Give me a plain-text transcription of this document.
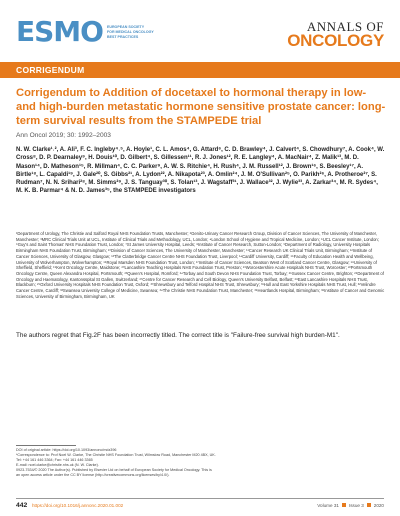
ESMO EUROPEAN SOCIETY
FOR MEDICAL ONCOLOGY
BEST PRACTICES
ANNALS OF
ONCOLOGY
CORRIGENDUM
Corrigendum to Addition of docetaxel to hormonal therapy in low- and high-burden metastatic hormone sensitive prostate cancer: long-term survival results from the STAMPEDE trial
Ann Oncol 2019; 30: 1992–2003
N. W. Clarke¹˒², A. Ali³, F. C. Ingleby⁴˒⁵, A. Hoyle¹, C. L. Amos⁴, G. Attard⁶, C. D. Brawley⁴, J. Calvert⁴, S. Chowdhury⁷, A. Cook⁴, W. Cross⁸, D. P. Dearnaley⁹, H. Douis¹⁰, D. Gilbert⁴, S. Gillessen¹¹, R. J. Jones¹², R. E. Langley⁴, A. MacNair⁴, Z. Malik¹³, M. D. Mason¹⁴, D. Matheson¹⁵, R. Millman⁴, C. C. Parker⁹, A. W. S. Ritchie⁴, H. Rush⁴, J. M. Russell¹², J. Brown¹⁶, S. Beesley¹⁷, A. Birtle¹⁸, L. Capaldi¹⁹, J. Gale²⁰, S. Gibbs²¹, A. Lydon²², A. Nikapota²³, A. Omlin²⁴, J. M. O'Sullivan²⁵, O. Parikh²⁶, A. Protheroe²⁷, S. Rudman⁷, N. N. Srihari²⁸, M. Simms²⁹, J. S. Tanguay³⁰, S. Tolan¹³, J. Wagstaff³¹, J. Wallace³², J. Wylie³³, A. Zarkar³⁴, M. R. Sydes⁴, M. K. B. Parmar⁴ & N. D. James³⁵, the STAMPEDE investigators
¹Department of Urology, The Christie and Salford Royal NHS Foundation Trusts, Manchester; ²Genito-Urinary Cancer Research Group, Division of Cancer Sciences, The University of Manchester, Manchester; ³MRC Clinical Trials Unit at UCL, Institute of Clinical Trials and Methodology, UCL, London; ⁴London School of Hygiene and Tropical Medicine, London; ⁵UCL Cancer Institute, London; ⁶Guy's and Saint Thomas' NHS Foundation Trust, London; ⁷St James University Hospital, Leeds; ⁸Institute of Cancer Research, Sutton-London; ⁹Department of Radiology, University Hospitals Birmingham NHS Foundation Trust, Birmingham; ¹⁰Division of Cancer Sciences, The University of Manchester, Manchester; ¹¹Cancer Research UK Clinical Trials Unit, Birmingham; ¹²Institute of Cancer Sciences, University of Glasgow, Glasgow; ¹³The Clatterbridge Cancer Centre NHS Foundation Trust, Liverpool; ¹⁴Cardiff University, Cardiff; ¹⁵Faculty of Education Health and Wellbeing, University of Wolverhampton, Wolverhampton; ¹⁶Royal Marsden NHS Foundation Trust, London; ¹⁷Institute of Cancer Sciences, Beatson West of Scotland Cancer Centre, Glasgow; ¹⁸University of Sheffield, Sheffield; ¹⁹Kent Oncology Centre, Maidstone; ²⁰Lancashire Teaching Hospitals NHS Foundation Trust, Preston; ²¹Worcestershire Acute Hospitals NHS Trust, Worcester; ²²Portsmouth Oncology Centre, Queen Alexandra Hospital, Portsmouth; ²³Queen's Hospital, Romford; ²⁴Torbay and South Devon NHS Foundation Trust, Torbay; ²⁵Sussex Cancer Centre, Brighton; ²⁶Department of Oncology and Haematology, Kantonsspital St Gallen, Switzerland; ²⁷Centre for Cancer Research and Cell Biology, Queen's University Belfast, Belfast; ²⁸East Lancashire Hospitals NHS Trust, Blackburn; ²⁹Oxford University Hospitals NHS Foundation Trust, Oxford; ³⁰Shrewsbury and Telford Hospital NHS Trust, Shrewsbury; ³¹Hull and East Yorkshire Hospitals NHS Trust, Hull; ³²Velindre Cancer Centre, Cardiff; ³³Swansea University College of Medicine, Swansea; ³⁴The Christie NHS Foundation Trust, Manchester; ³⁵Heartlands Hospital, Birmingham; ³⁶Institute of Cancer and Genomic Sciences, University of Birmingham, Birmingham, UK

The authors regret that Fig.2F has been incorrectly titled. The correct title is "Failure-free survival high burden-M1".

DOI of original article: https://doi.org/10.1093/annonc/mdz396
*Correspondence to: Prof Noel W. Clarke, The Christie NHS Foundation Trust, Wilmslow Road, Manchester M20 4BX, UK. Tel: +44 161 446 3364; Fax: +44 161 446 3365
E-mail: noel.clarke@christie.nhs.uk (N. W. Clarke).
0923-7534/© 2020 The Author(s). Published by Elsevier Ltd on behalf of European Society for Medical Oncology. This is an open access article under the CC BY license (http://creativecommons.org/licenses/by/4.0/).
442 https://doi.org/10.1016/j.annonc.2020.01.002	Volume 31 Issue 3 2020
